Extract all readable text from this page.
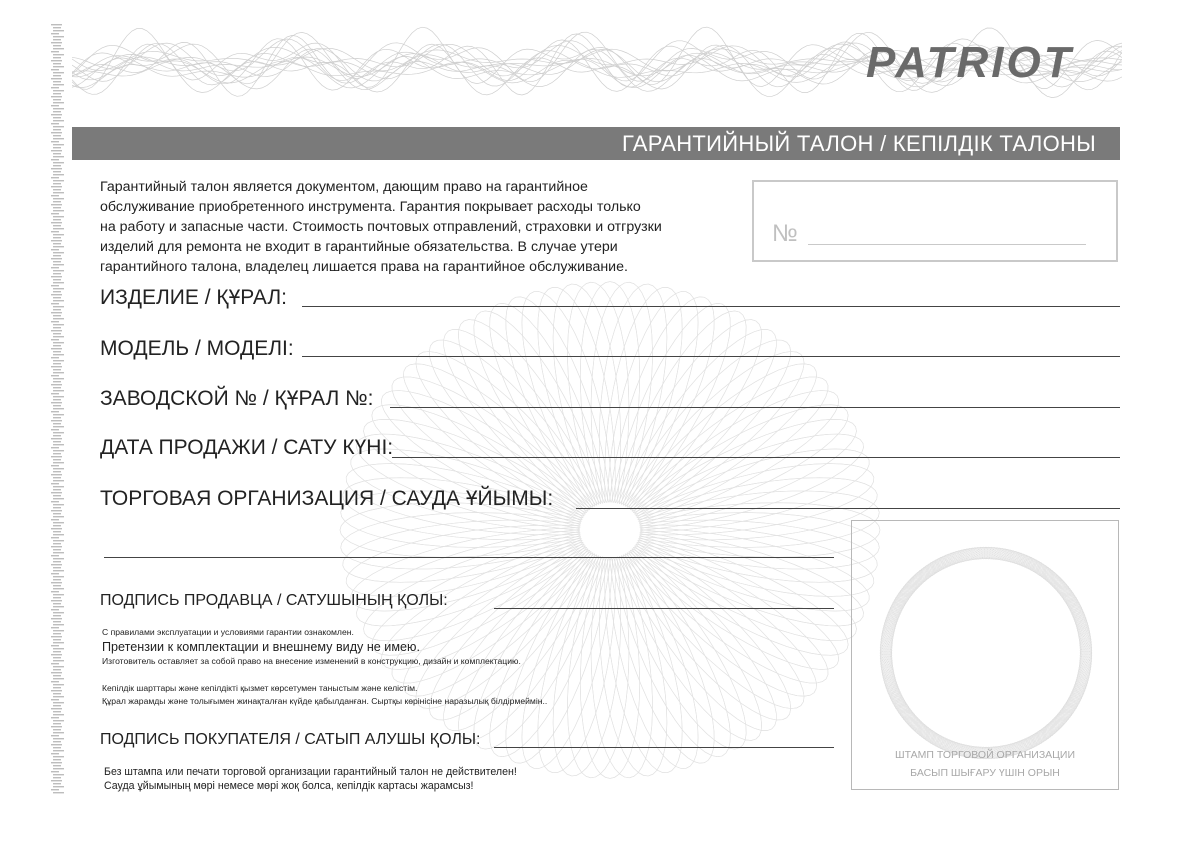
PATRIOT
ГАРАНТИЙНЫЙ ТАЛОН / КЕПІЛДІК ТАЛОНЫ
Гарантийный талон является документом, дающим право на гарантийное
обслуживание приобретенного инструмента. Гарантия покрывает расходы только
на работу и запасные части. Стоимость почтовых отправлений, страховки и отгрузки
изделий для ремонта не входит в гарантийные обязательства. В случае утери
гарантийного талона, владелец лишается права на гарантийное обслуживание.
№
ИЗДЕЛИЕ / ҚҰРАЛ:
МОДЕЛЬ / МОДЕЛІ:
ЗАВОДСКОЙ № / ҚҰРАЛ №:
ДАТА ПРОДАЖИ / САТУ КҮНІ:
ТОРГОВАЯ ОРГАНИЗАЦИЯ / САУДА ҰЙЫМЫ:
ПОДПИСЬ ПРОДАВЦА / САТУШЫНЫҢ ҚОЛЫ:
С правилами эксплуатации и условиями гарантии ознакомлен.
Претензии к комплектации и внешнему виду не имею.
Изготовитель оставляет за собой право на внесение изменений в конструкцию, дизайн и комплектацию.
Кепілдік шарттары және кепілдікті қызмет көрсетумен таныстым және келістім.
Құрал жарамды және толығымен жинақталған күйде қабылданған. Сыртқы көрінісіне наразылық білдірмеймін..
ПОДПИСЬ ПОКУПАТЕЛЯ / САТЫП АЛУШЫ ҚОЛЫ:
Без штампа или печати торговой организации гарантийный талон не действителен!
Сауда ұйымының мөрі немесе мөрі жоқ болса, кепілдік картасы жарамсыз!
ШТАМП ТОРГОВОЙ ОРГАНИЗАЦИИ
БАСЫП ШЫҒАРУ ҮШІН ОРЫН
